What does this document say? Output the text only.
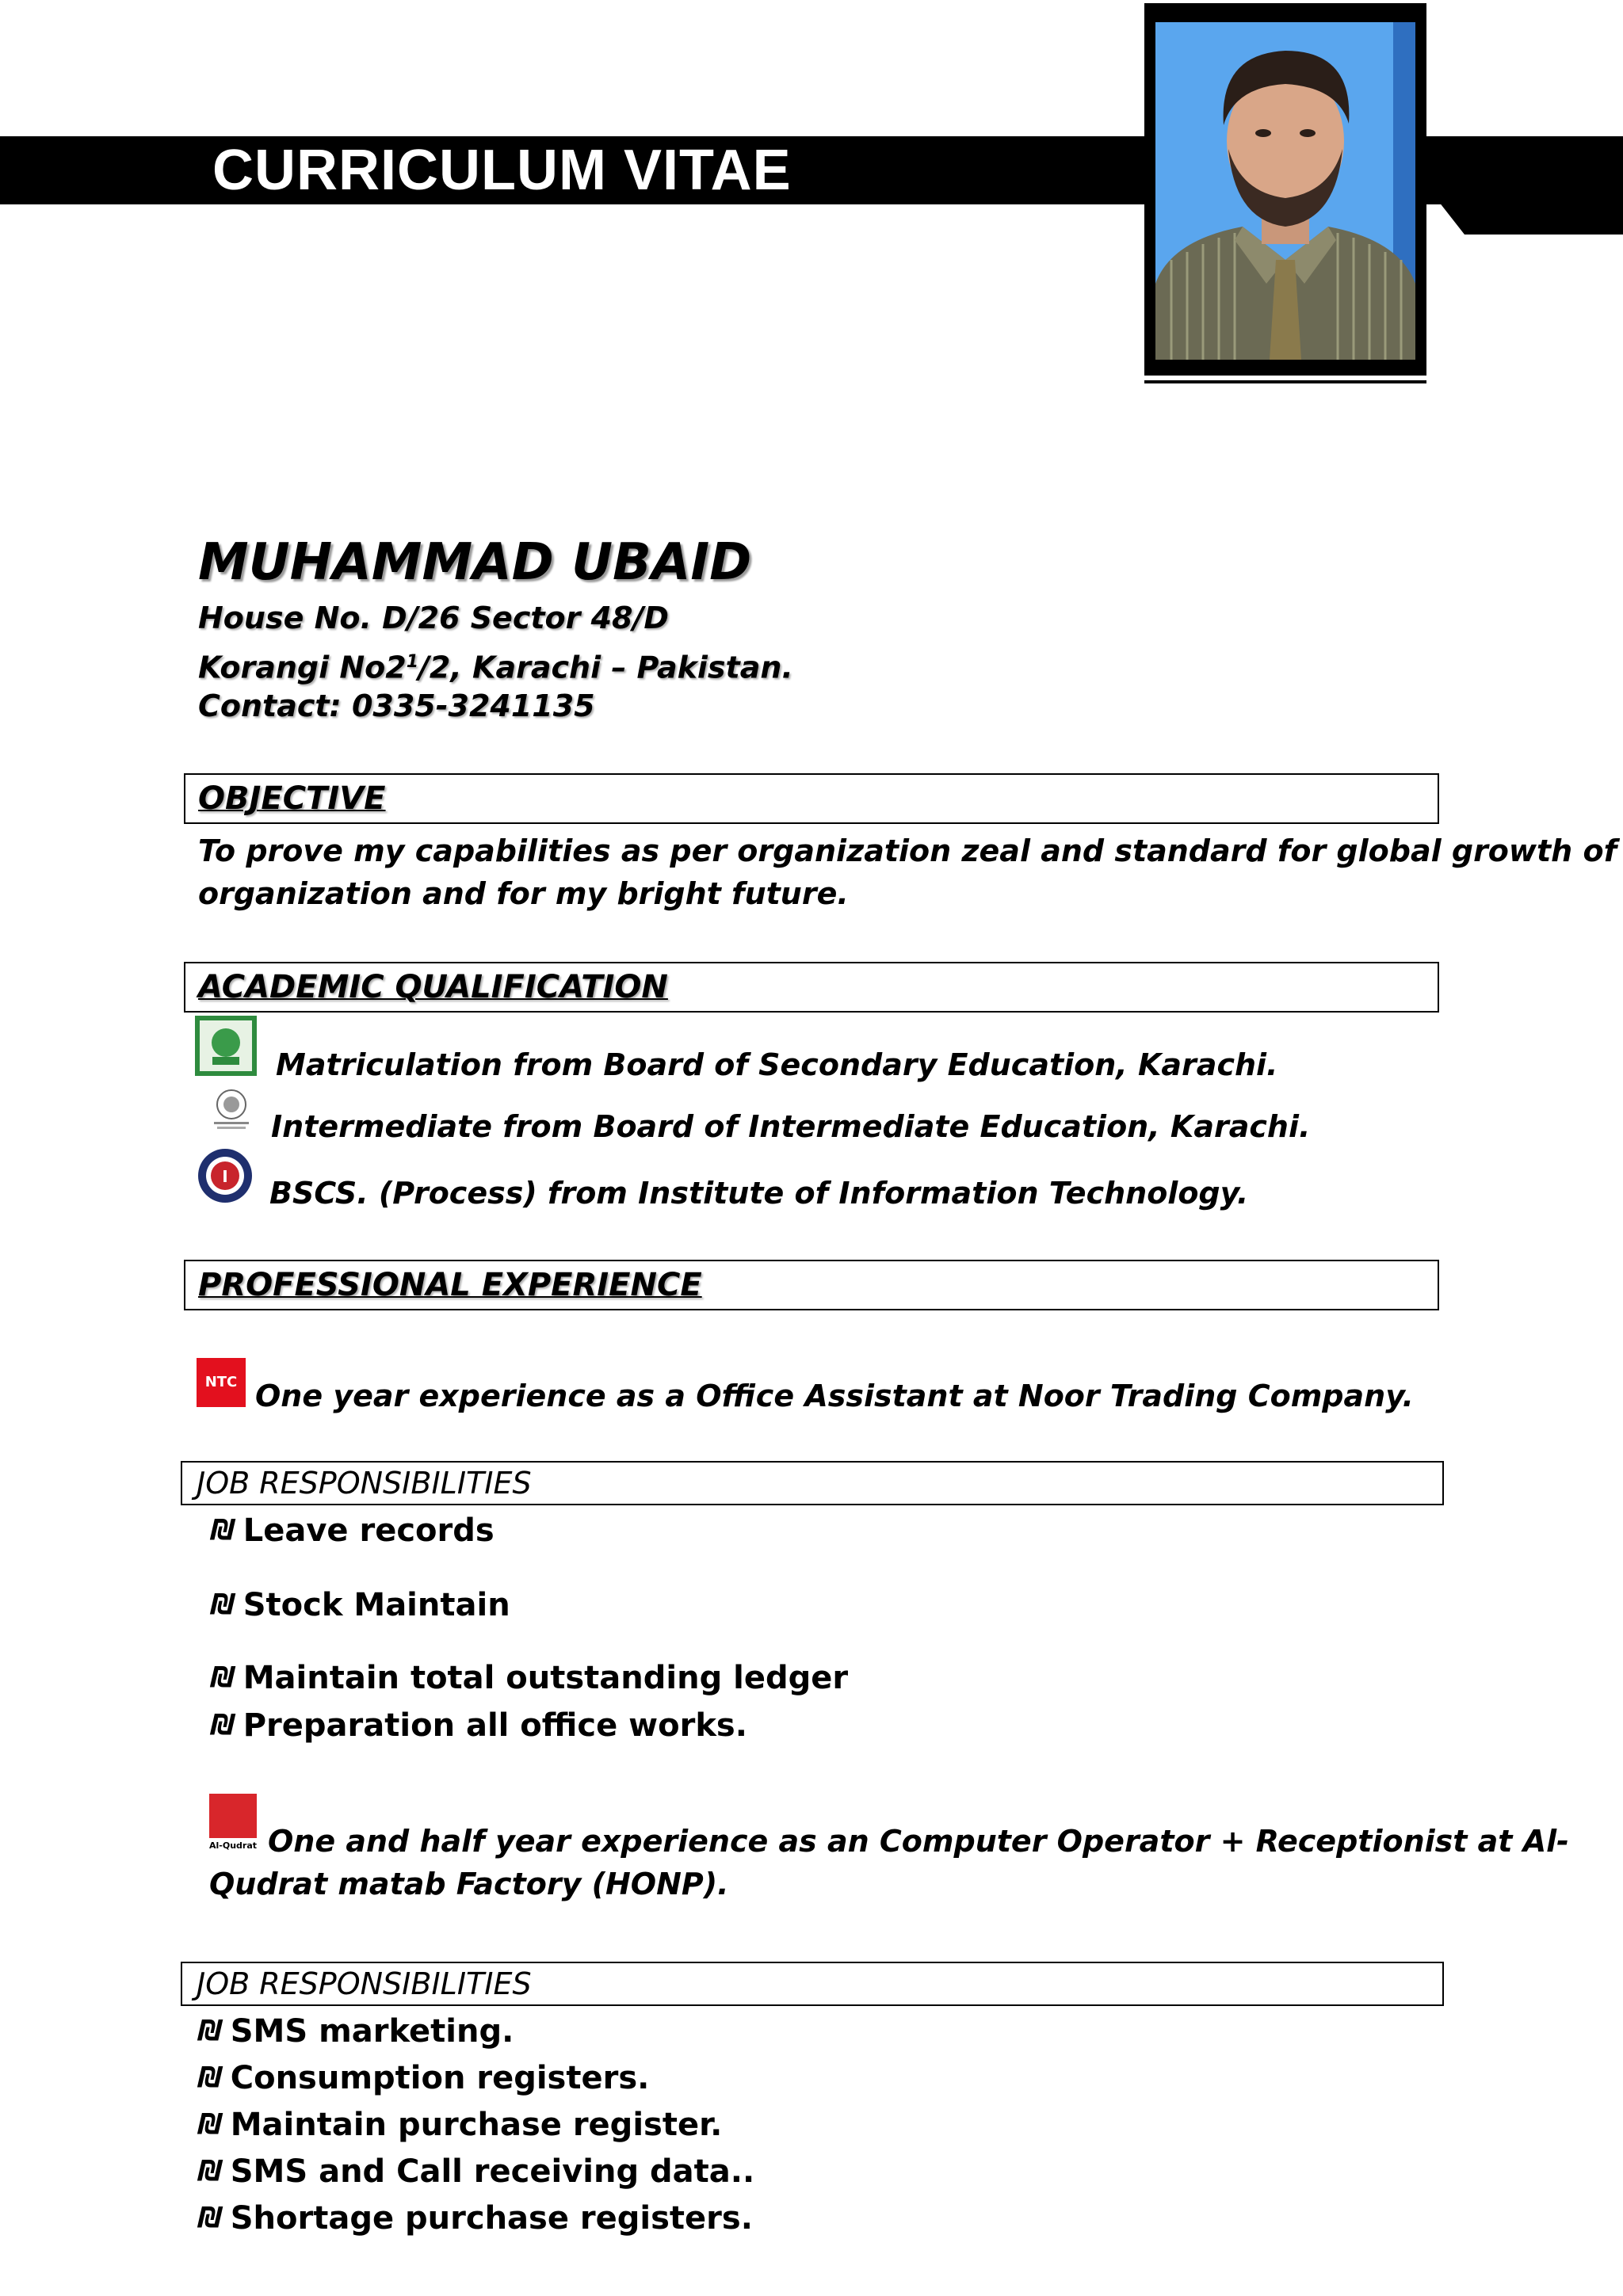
CURRICULUM VITAE
MUHAMMAD UBAID
House No. D/26 Sector 48/D
Korangi $No2^1/2$, Karachi – Pakistan.
Contact: 0335-3241135
OBJECTIVE
To prove my capabilities as per organization zeal and standard for global growth of
organization and for my bright future.
ACADEMIC QUALIFICATION
Matriculation from Board of Secondary Education, Karachi.
Intermediate from Board of Intermediate Education, Karachi.
I BSCS. (Process) from Institute of Information Technology.
PROFESSIONAL EXPERIENCE
NTC One year experience as a Office Assistant at Noor Trading Company.
JOB RESPONSIBILITIES
₪ Leave records
₪ Stock Maintain
₪ Maintain total outstanding ledger
₪ Preparation all office works.
Al-Qudrat One and half year experience as an Computer Operator + Receptionist at Al-
Qudrat matab Factory (HONP).
JOB RESPONSIBILITIES
₪ SMS marketing.
₪ Consumption registers.
₪ Maintain purchase register.
₪ SMS and Call receiving data..
₪ Shortage purchase registers.
